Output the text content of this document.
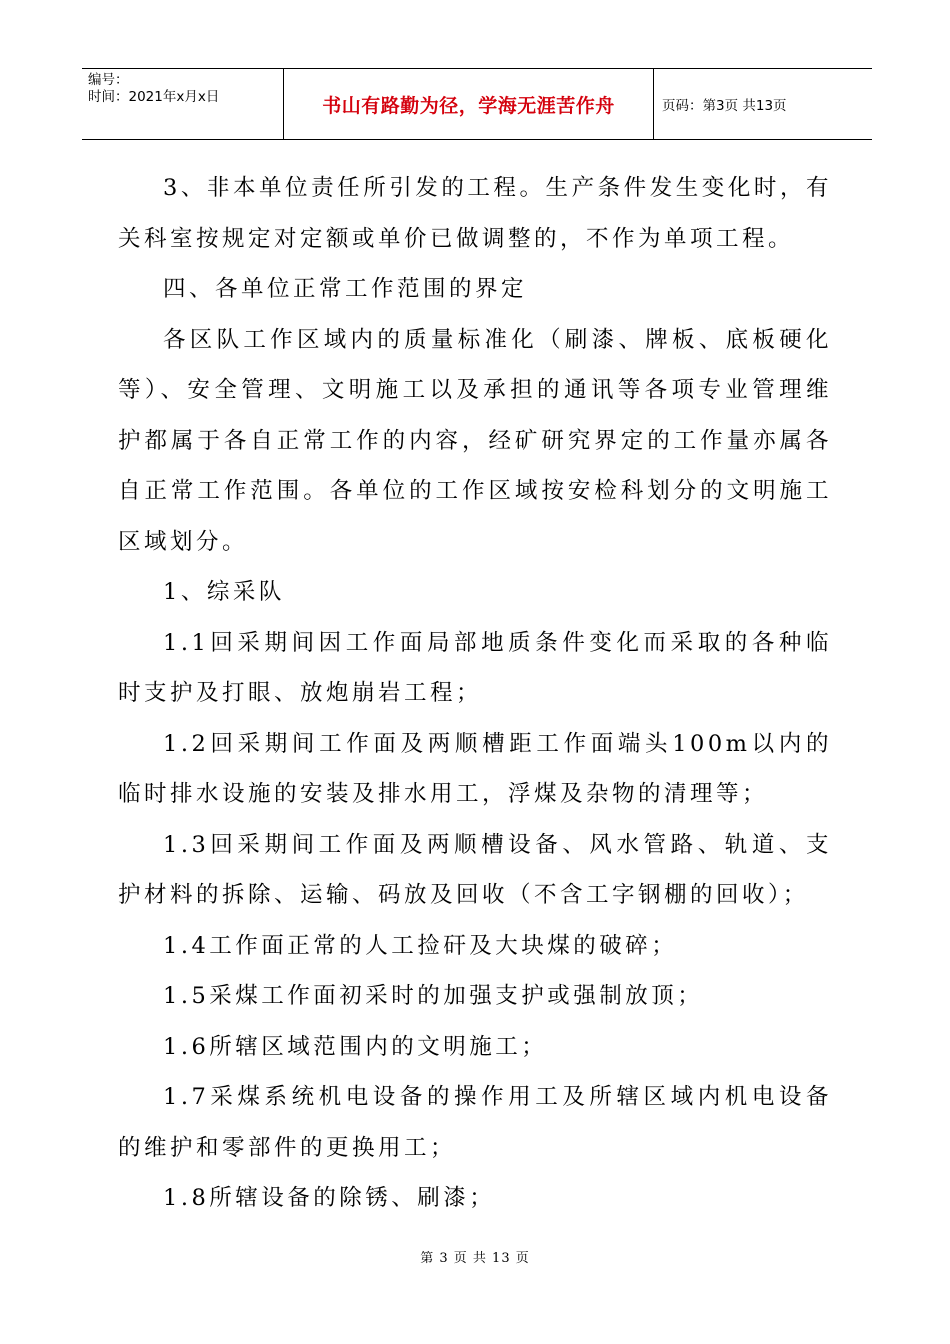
编号：
时间：2021年x月x日	书山有路勤为径，学海无涯苦作舟	页码：第3页 共13页

3、非本单位责任所引发的工程。生产条件发生变化时，有关科室按规定对定额或单价已做调整的，不作为单项工程。

四、各单位正常工作范围的界定

各区队工作区域内的质量标准化（刷漆、牌板、底板硬化等）、安全管理、文明施工以及承担的通讯等各项专业管理维护都属于各自正常工作的内容，经矿研究界定的工作量亦属各自正常工作范围。各单位的工作区域按安检科划分的文明施工区域划分。

1、综采队

1.1回采期间因工作面局部地质条件变化而采取的各种临时支护及打眼、放炮崩岩工程；

1.2回采期间工作面及两顺槽距工作面端头100m以内的临时排水设施的安装及排水用工，浮煤及杂物的清理等；

1.3回采期间工作面及两顺槽设备、风水管路、轨道、支护材料的拆除、运输、码放及回收（不含工字钢棚的回收）；

1.4工作面正常的人工捡矸及大块煤的破碎；

1.5采煤工作面初采时的加强支护或强制放顶；

1.6所辖区域范围内的文明施工；

1.7采煤系统机电设备的操作用工及所辖区域内机电设备的维护和零部件的更换用工；

1.8所辖设备的除锈、刷漆；

第 3 页 共 13 页
